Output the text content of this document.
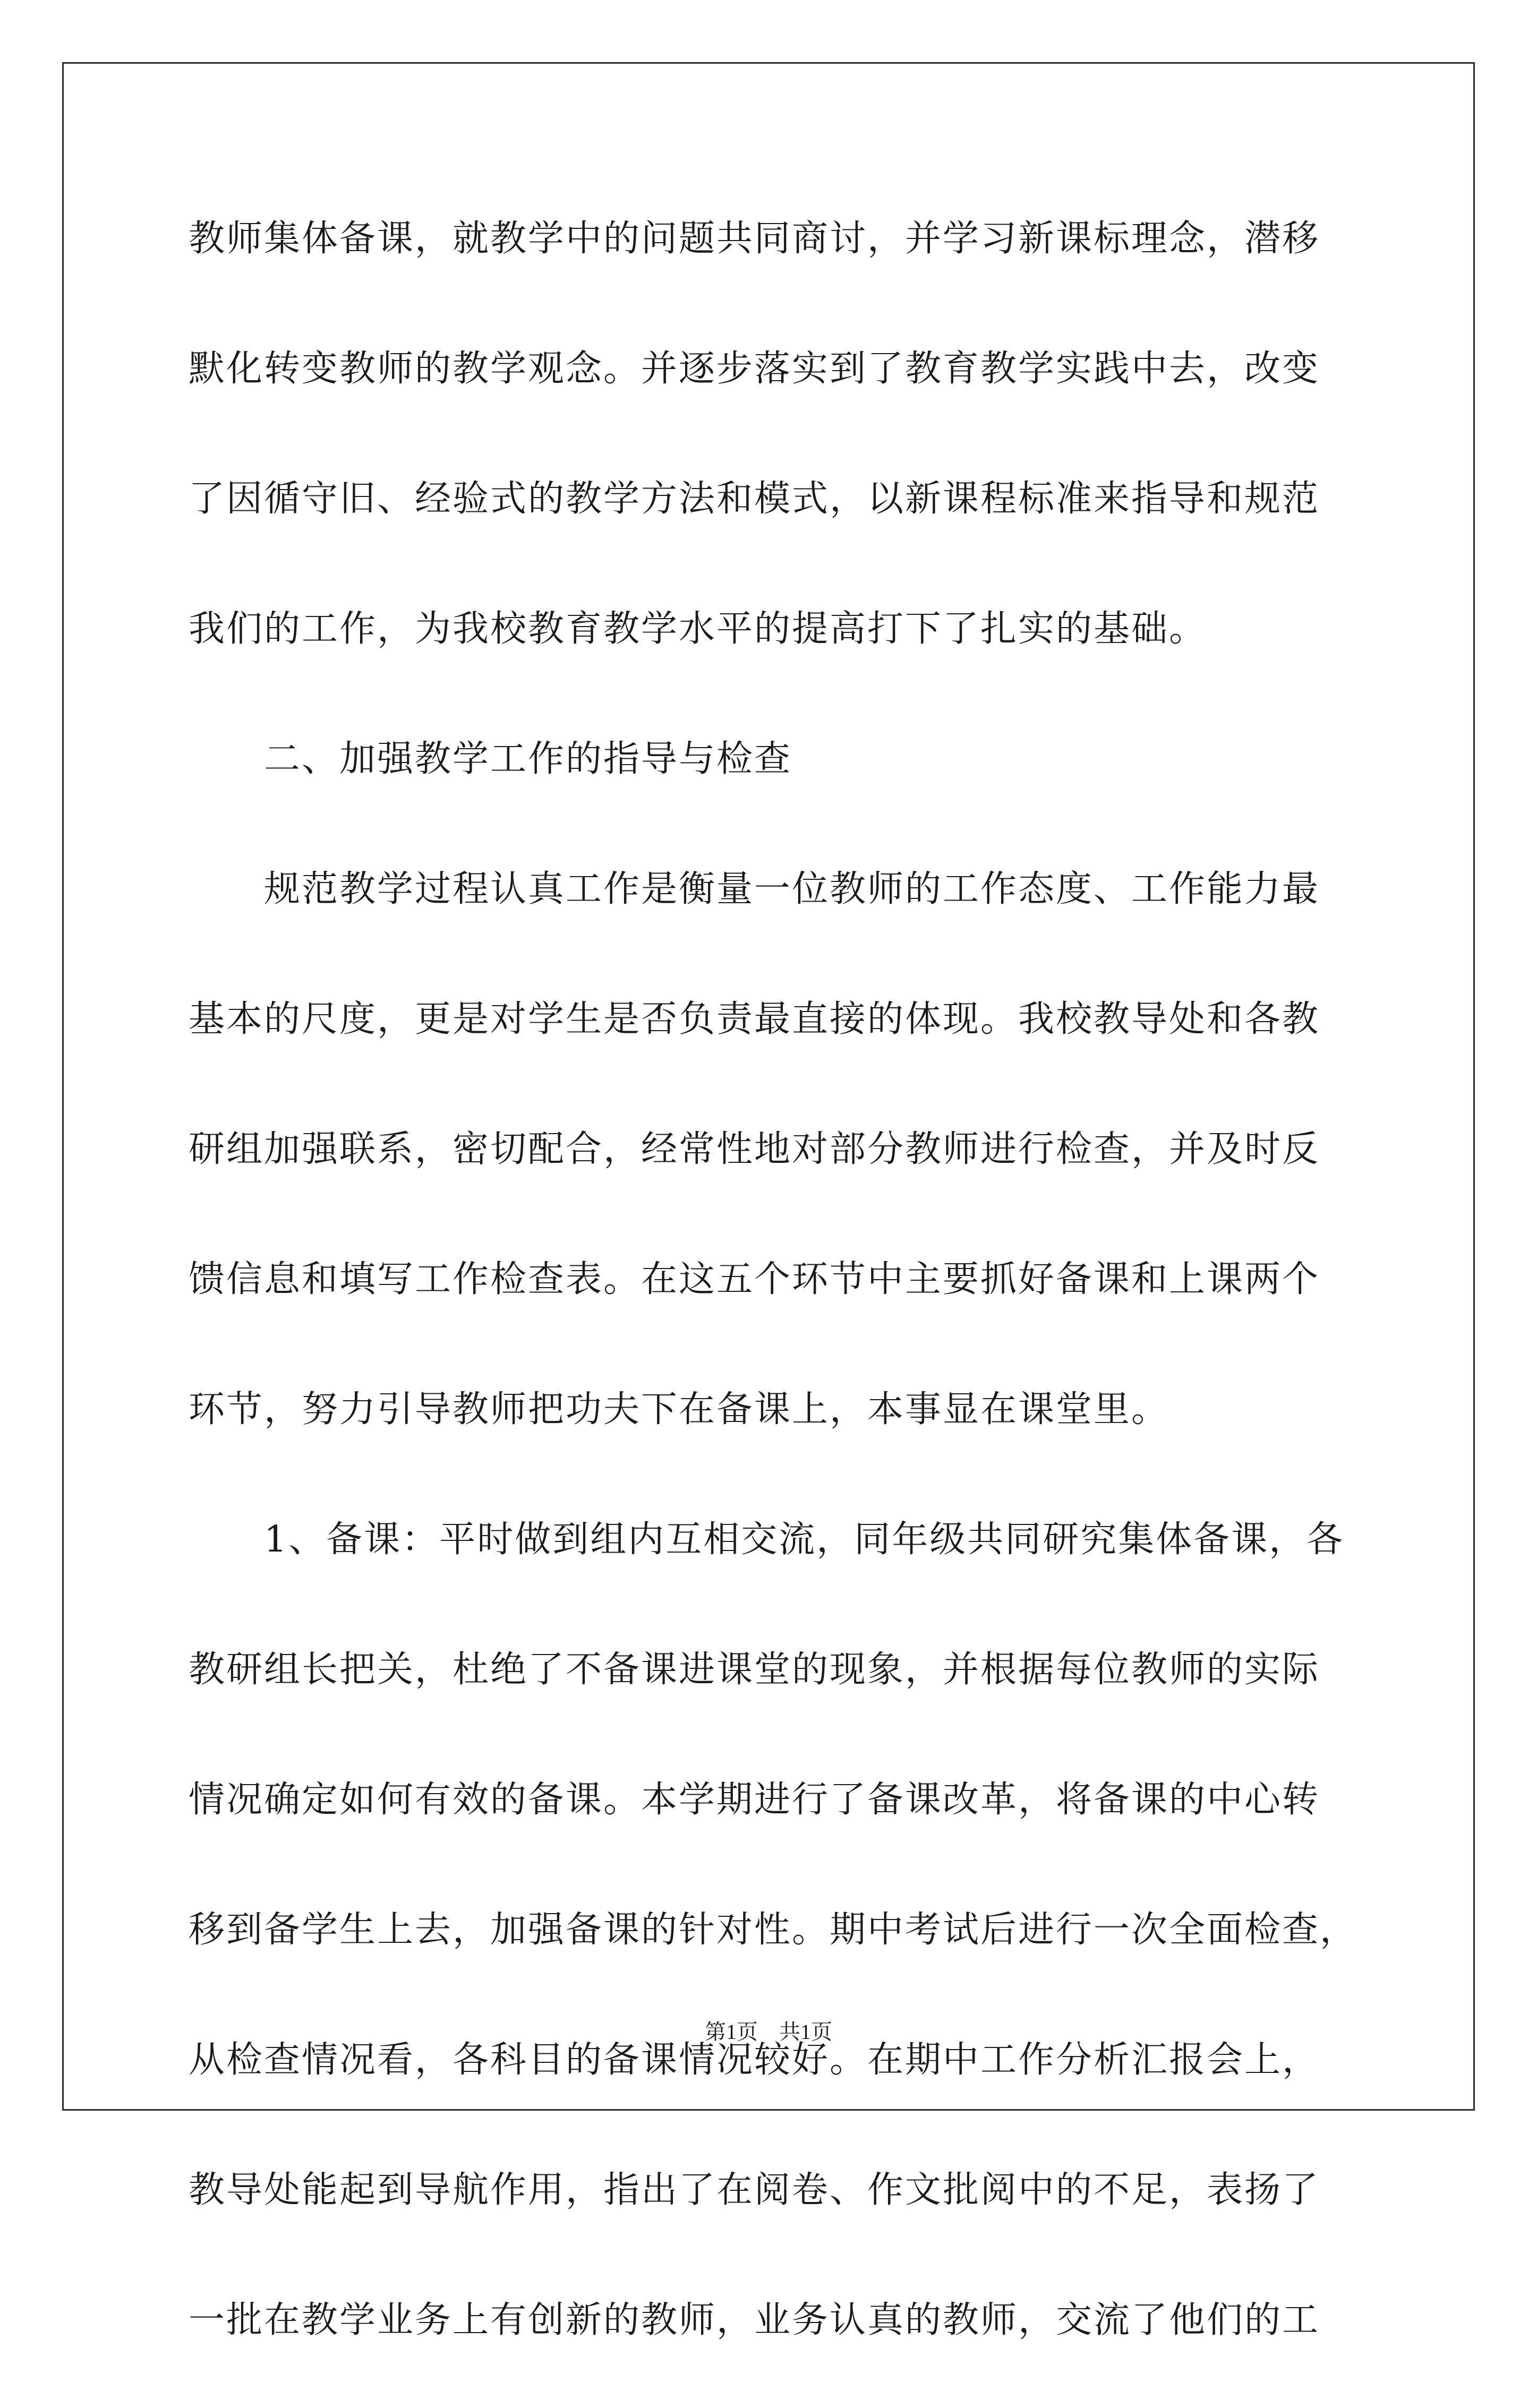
教师集体备课，就教学中的问题共同商讨，并学习新课标理念，潜移
默化转变教师的教学观念。并逐步落实到了教育教学实践中去，改变
了因循守旧、经验式的教学方法和模式，以新课程标准来指导和规范
我们的工作，为我校教育教学水平的提高打下了扎实的基础。
二、加强教学工作的指导与检查
规范教学过程认真工作是衡量一位教师的工作态度、工作能力最
基本的尺度，更是对学生是否负责最直接的体现。我校教导处和各教
研组加强联系，密切配合，经常性地对部分教师进行检查，并及时反
馈信息和填写工作检查表。在这五个环节中主要抓好备课和上课两个
环节，努力引导教师把功夫下在备课上，本事显在课堂里。
1、备课：平时做到组内互相交流，同年级共同研究集体备课，各
教研组长把关，杜绝了不备课进课堂的现象，并根据每位教师的实际
情况确定如何有效的备课。本学期进行了备课改革，将备课的中心转
移到备学生上去，加强备课的针对性。期中考试后进行一次全面检查，
从检查情况看，各科目的备课情况较好。在期中工作分析汇报会上，
教导处能起到导航作用，指出了在阅卷、作文批阅中的不足，表扬了
一批在教学业务上有创新的教师，业务认真的教师，交流了他们的工
第1页 共1页
